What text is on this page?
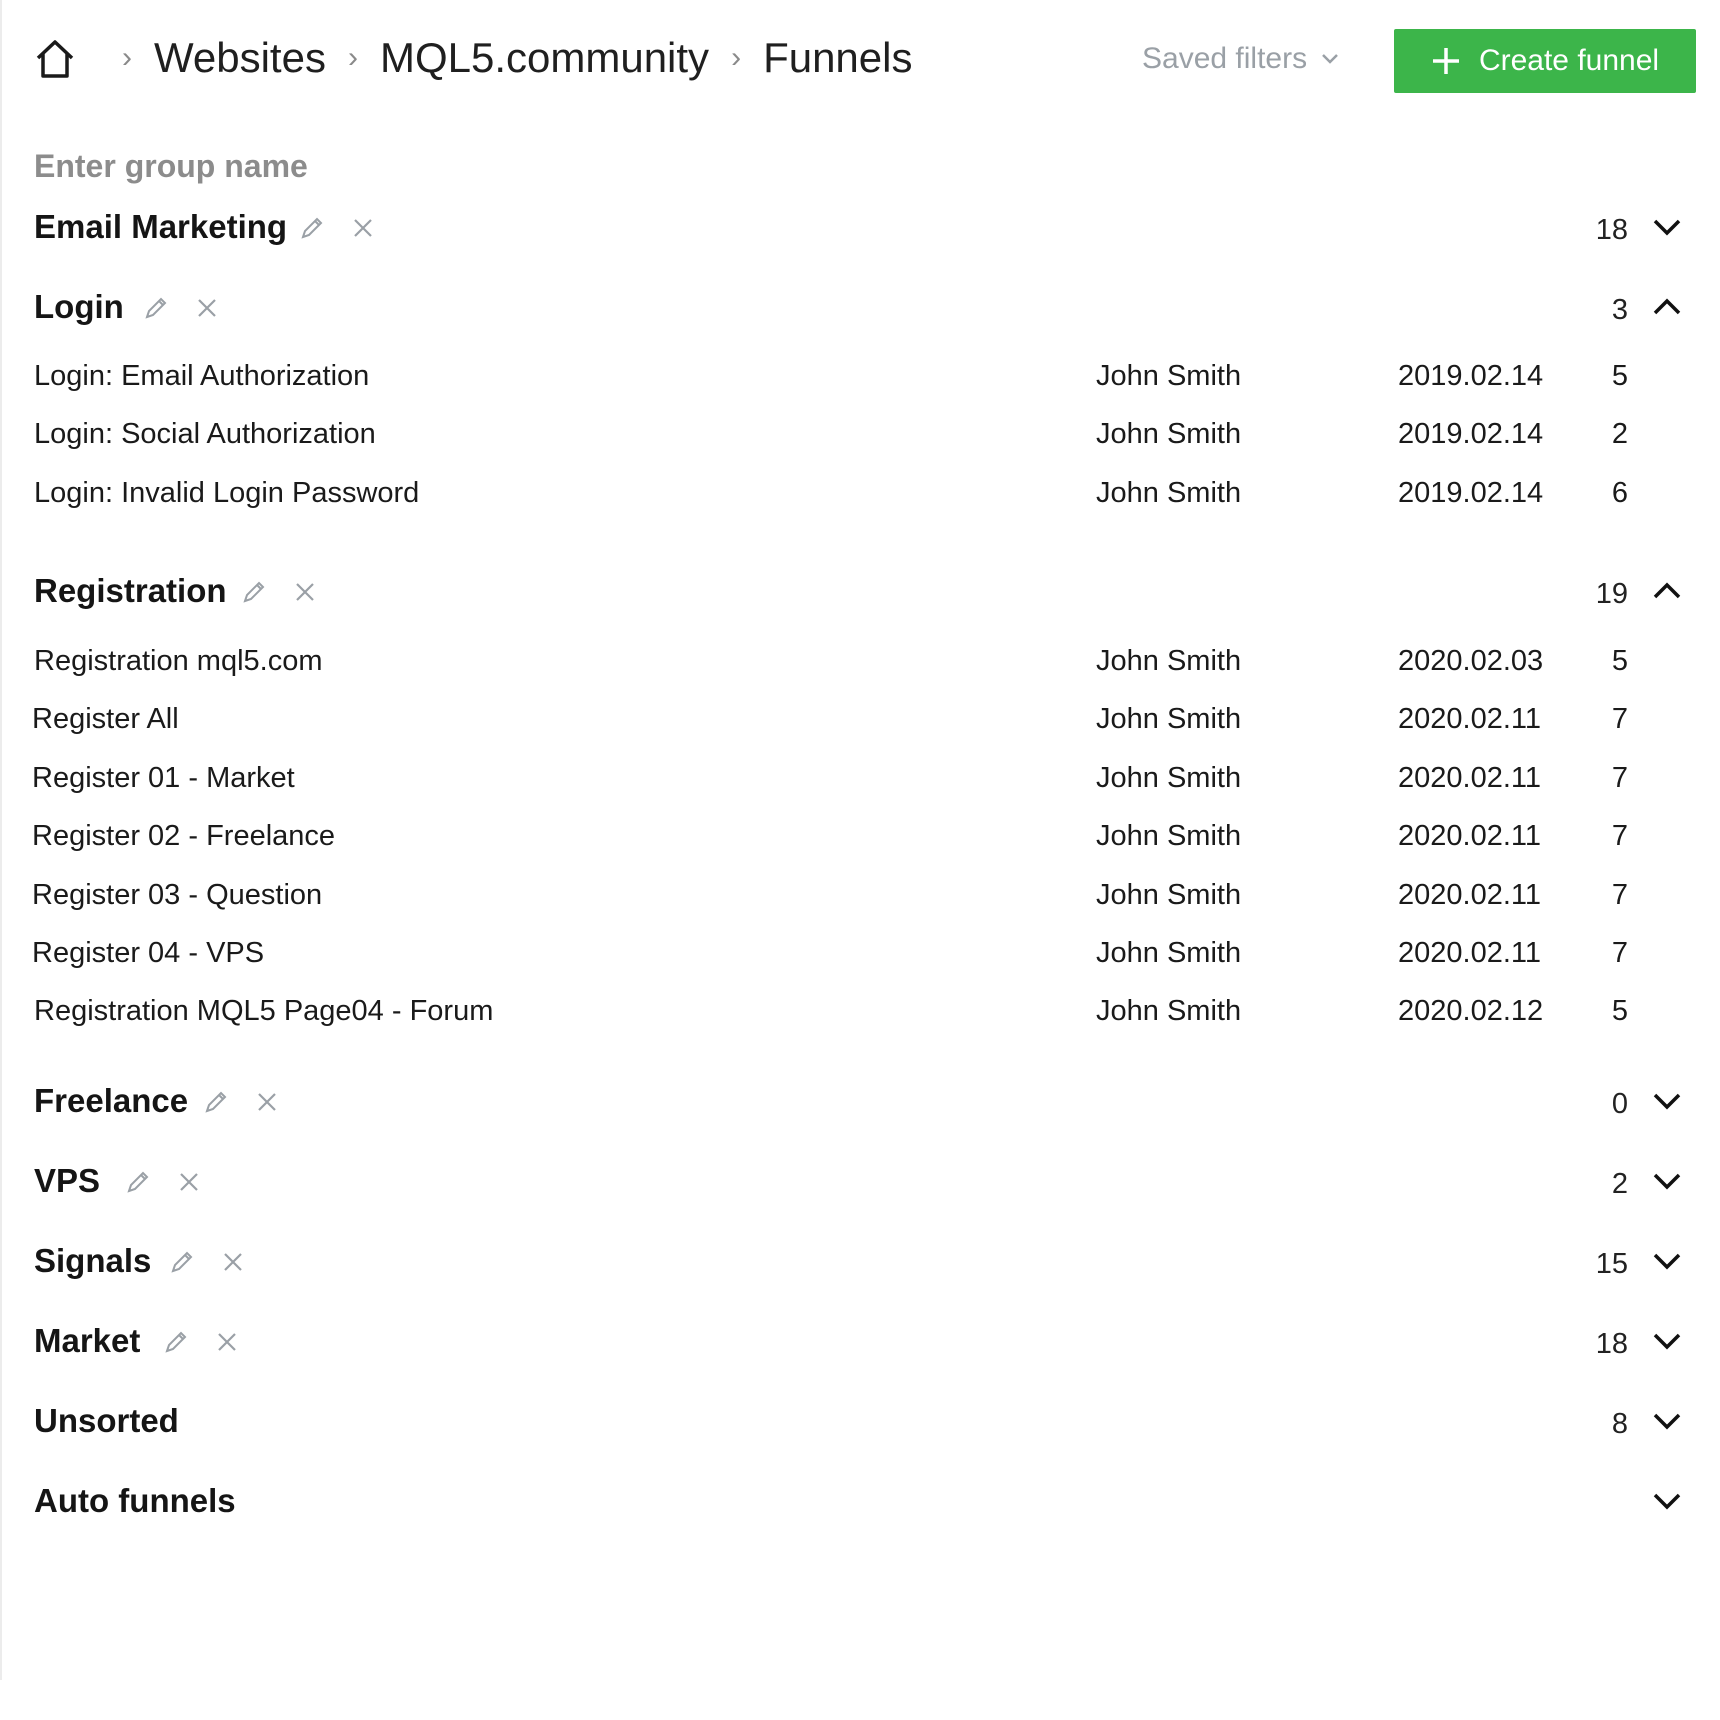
› Websites › MQL5.community › Funnels	Saved filters	Create funnel
Enter group name
Email Marketing	18
Login	3
Login: Email Authorization	John Smith	2019.02.14 5
Login: Social Authorization	John Smith	2019.02.14 2
Login: Invalid Login Password	John Smith	2019.02.14 6
Registration	19
Registration mql5.com	John Smith	2020.02.03 5
Register All	John Smith	2020.02.11 7
Register 01 - Market	John Smith	2020.02.11 7
Register 02 - Freelance	John Smith	2020.02.11 7
Register 03 - Question	John Smith	2020.02.11 7
Register 04 - VPS	John Smith	2020.02.11 7
Registration MQL5 Page04 - Forum	John Smith	2020.02.12 5
Freelance	0
VPS	2
Signals	15
Market	18
Unsorted	8
Auto funnels
